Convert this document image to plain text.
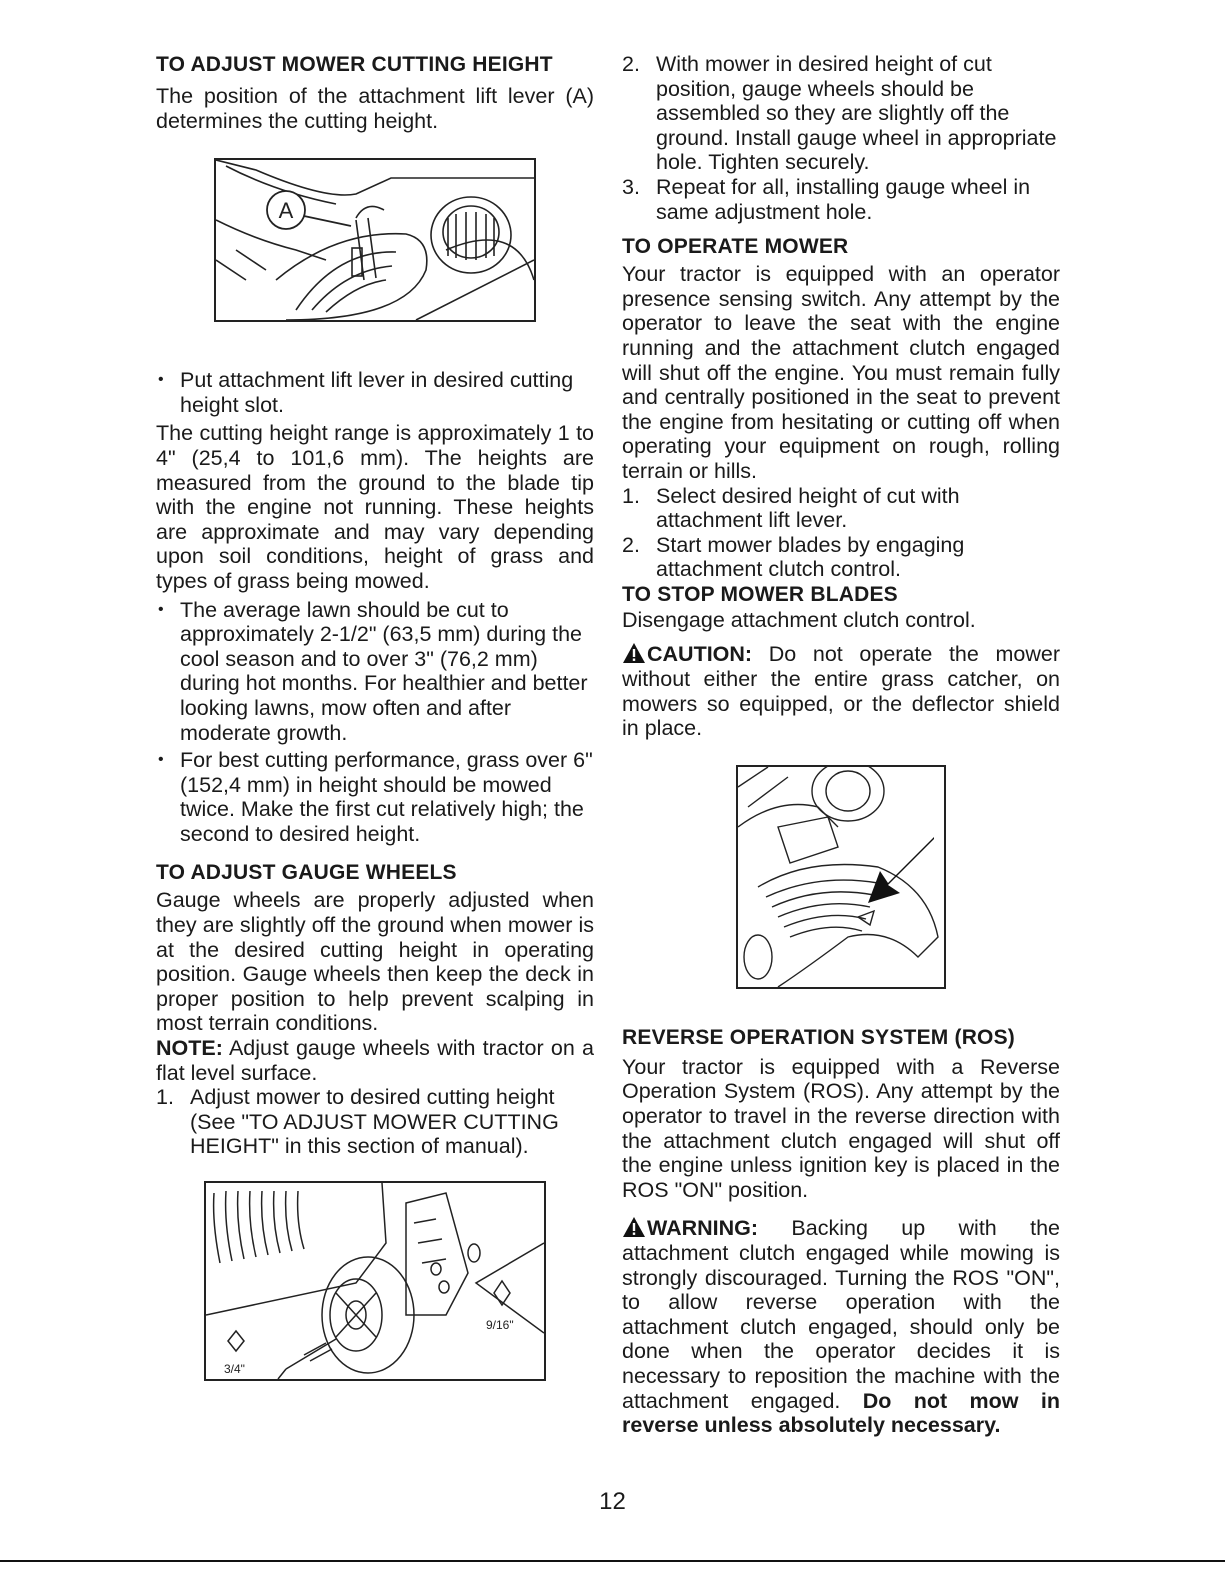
TO ADJUST MOWER CUTTING HEIGHT

The position of the attachment lift lever (A) determines the cutting height.

A
• Put attachment lift lever in desired cutting height slot.

The cutting height range is approximately 1 to 4" (25,4 to 101,6 mm). The heights are measured from the ground to the blade tip with the engine not running. These heights are approximate and may vary depending upon soil conditions, height of grass and types of grass being mowed.

• The average lawn should be cut to approximately 2-1/2" (63,5 mm) during the cool season and to over 3" (76,2 mm) during hot months. For healthier and better looking lawns, mow often and after moderate growth.
• For best cutting performance, grass over 6" (152,4 mm) in height should be mowed twice. Make the first cut relatively high; the second to desired height.
TO ADJUST GAUGE WHEELS

Gauge wheels are properly adjusted when they are slightly off the ground when mower is at the desired cutting height in operating position. Gauge wheels then keep the deck in proper position to help prevent scalping in most terrain conditions.

NOTE: Adjust gauge wheels with tractor on a flat level surface.

1. Adjust mower to desired cutting height (See "TO ADJUST MOWER CUTTING HEIGHT" in this section of manual).
9/16"
3/4"
2. With mower in desired height of cut position, gauge wheels should be assembled so they are slightly off the ground. Install gauge wheel in appropriate hole. Tighten securely.
3. Repeat for all, installing gauge wheel in same adjustment hole.
TO OPERATE MOWER

Your tractor is equipped with an operator presence sensing switch. Any attempt by the operator to leave the seat with the engine running and the attachment clutch engaged will shut off the engine. You must remain fully and centrally positioned in the seat to prevent the engine from hesitating or cutting off when operating your equipment on rough, rolling terrain or hills.

1. Select desired height of cut with attachment lift lever.
2. Start mower blades by engaging attachment clutch control.
TO STOP MOWER BLADES

Disengage attachment clutch control.

CAUTION: Do not operate the mower without either the entire grass catcher, on mowers so equipped, or the deflector shield in place.

REVERSE OPERATION SYSTEM (ROS)

Your tractor is equipped with a Reverse Operation System (ROS). Any attempt by the operator to travel in the reverse direction with the attachment clutch engaged will shut off the engine unless ignition key is placed in the ROS "ON" position.

WARNING: Backing up with the attachment clutch engaged while mowing is strongly discouraged. Turning the ROS "ON", to allow reverse operation with the attachment clutch engaged, should only be done when the operator decides it is necessary to reposition the machine with the attachment engaged. Do not mow in reverse unless absolutely necessary.

12
